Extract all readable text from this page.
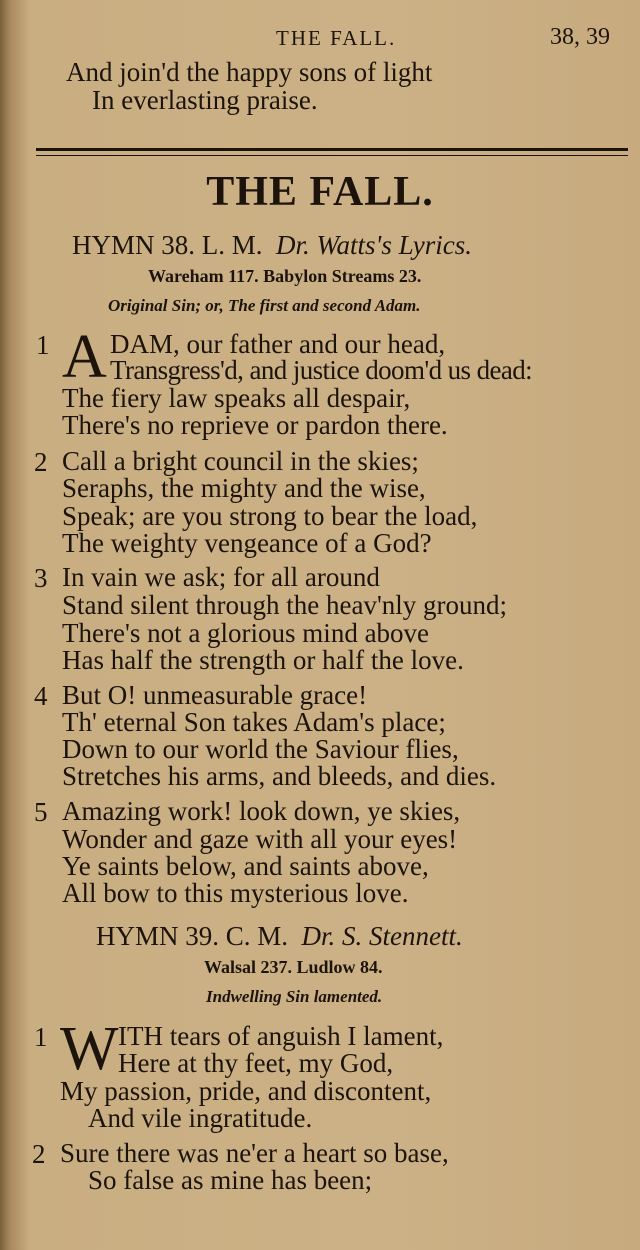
THE FALL.	38, 39
And join'd the happy sons of light
In everlasting praise.
THE FALL.
HYMN 38. L. M. Dr. Watts's Lyrics.
Wareham 117. Babylon Streams 23.
Original Sin; or, The first and second Adam.
1 A DAM, our father and our head,
Transgress'd, and justice doom'd us dead:
The fiery law speaks all despair,
There's no reprieve or pardon there.
2 Call a bright council in the skies;
Seraphs, the mighty and the wise,
Speak; are you strong to bear the load,
The weighty vengeance of a God?
3 In vain we ask; for all around
Stand silent through the heav'nly ground;
There's not a glorious mind above
Has half the strength or half the love.
4 But O! unmeasurable grace!
Th' eternal Son takes Adam's place;
Down to our world the Saviour flies,
Stretches his arms, and bleeds, and dies.
5 Amazing work! look down, ye skies,
Wonder and gaze with all your eyes!
Ye saints below, and saints above,
All bow to this mysterious love.
HYMN 39. C. M. Dr. S. Stennett.
Walsal 237. Ludlow 84.
Indwelling Sin lamented.
1 W ITH tears of anguish I lament,
Here at thy feet, my God,
My passion, pride, and discontent,
And vile ingratitude.
2 Sure there was ne'er a heart so base,
So false as mine has been;
